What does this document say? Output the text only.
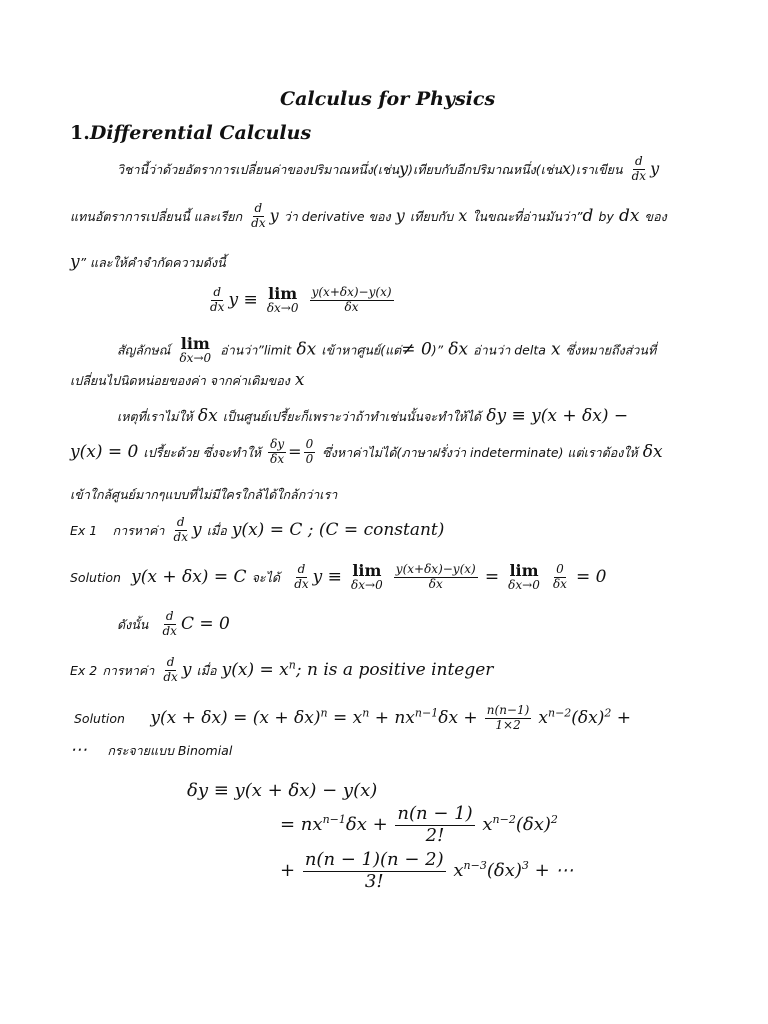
Calculus for Physics
1.Differential Calculus
วิชานี้ว่าด้วยอัตราการเปลี่ยนค่าของปริมาณหนึ่ง(เช่นy)เทียบกับอีกปริมาณหนึ่ง(เช่นx)เราเขียน $\frac{d}{dx}$ y
แทนอัตราการเปลี่ยนนี้ และเรียก $\frac{d}{dx}$ y ว่า derivative ของ y เทียบกับ x ในขณะที่อ่านมันว่า”d by dx ของ
y” และให้คำจำกัดความดังนี้
$\frac{d}{dx}$ y ≡ lim
δx→0
$\frac{y(x+\delta x)-y(x)}{\delta x}$
สัญลักษณ์ lim
δx→0
อ่านว่า”limit δx เข้าหาศูนย์(แต่≠ 0)” δx อ่านว่า delta x ซึ่งหมายถึงส่วนที่
เปลี่ยนไปนิดหน่อยของค่า จากค่าเดิมของ x
เหตุที่เราไม่ให้ δx เป็นศูนย์เปรี้ยะก็เพราะว่าถ้าทำเช่นนั้นจะทำให้ได้ δy ≡ y(x + δx) −
y(x) = 0 เปรี้ยะด้วย ซึ่งจะทำให้ $\frac{\delta y}{\delta x} = \frac{0}{0}$ ซึ่งหาค่าไม่ได้(ภาษาฝรั่งว่า indeterminate) แต่เราต้องให้ δx
เข้าใกล้ศูนย์มากๆแบบที่ไม่มีใครใกล้ได้ใกล้กว่าเรา
Ex 1 การหาค่า $\frac{d}{dx}$ y เมื่อ y(x) = C ; (C = constant)
Solution y(x + δx) = C จะได้ $\frac{d}{dx}$ y ≡ lim
δx→0
$\frac{y(x+\delta x)-y(x)}{\delta x} = \lim$
δx→0
$\frac{0}{\delta x} = 0$
ดังนั้น $\frac{d}{dx}$ C = 0
Ex 2 การหาค่า $\frac{d}{dx}$ y เมื่อ $y(x) = x^n$; n is a positive integer
Solution $y(x + \delta x) = (x + \delta x)^n = x^n + nx^{n-1}\delta x + \frac{n(n-1)}{1\times 2} x^{n-2}(\delta x)^2$ +
⋯ กระจายแบบ Binomial
δy ≡ y(x + δx) − y(x)
= $nx^{n-1}\delta x + \frac{n(n - 1)}{2!} x^{n-2}(\delta x)^2$
+ $\frac{n(n - 1)(n - 2)}{3!} x^{n-3}(\delta x)^3$ + ⋯
